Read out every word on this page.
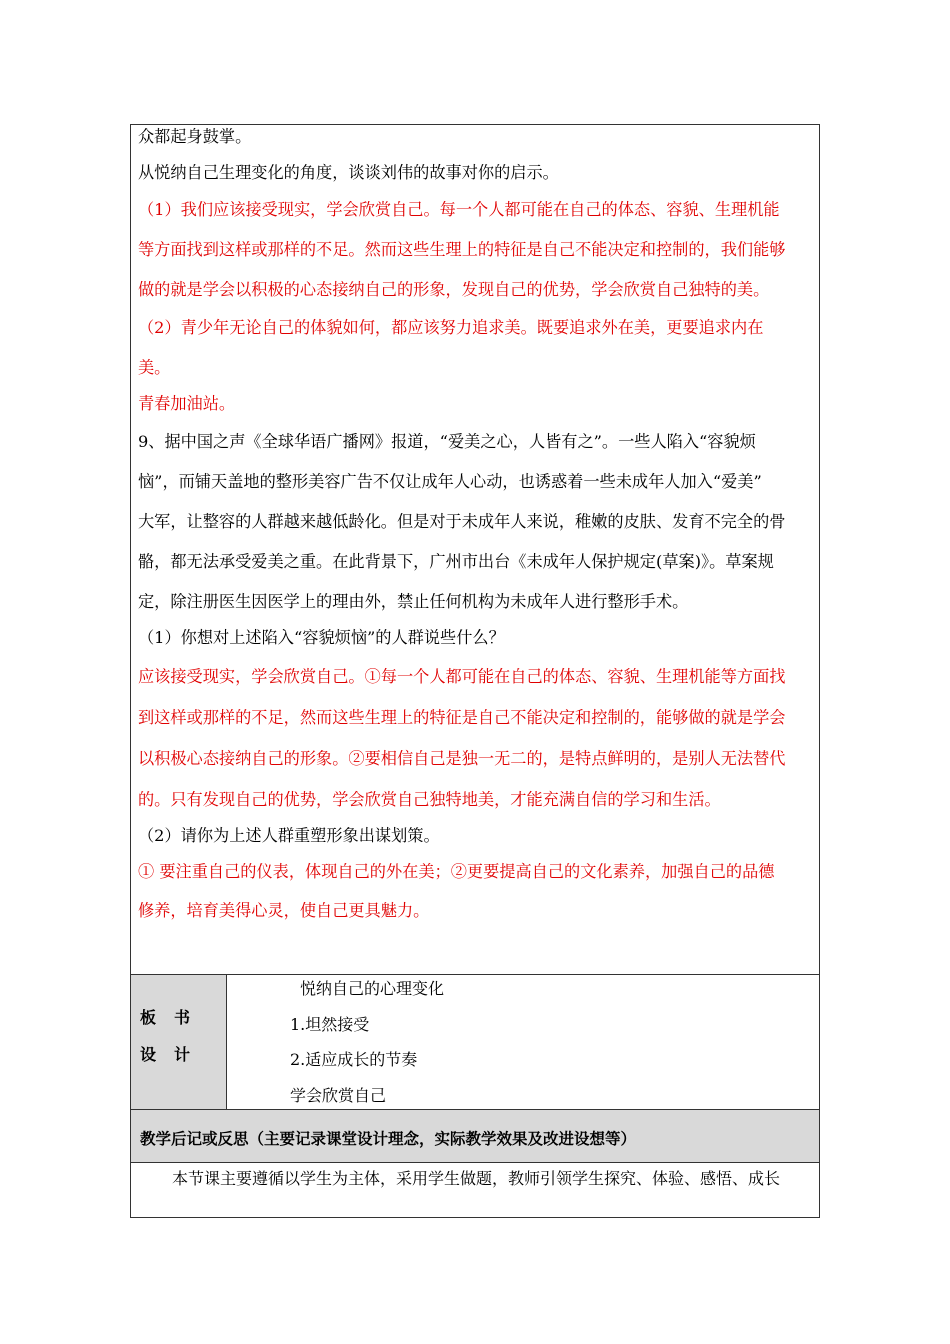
众都起身鼓掌。
从悦纳自己生理变化的角度，谈谈刘伟的故事对你的启示。
（1）我们应该接受现实，学会欣赏自己。每一个人都可能在自己的体态、容貌、生理机能
等方面找到这样或那样的不足。然而这些生理上的特征是自己不能决定和控制的，我们能够
做的就是学会以积极的心态接纳自己的形象，发现自己的优势，学会欣赏自己独特的美。
（2）青少年无论自己的体貌如何，都应该努力追求美。既要追求外在美，更要追求内在
美。
青春加油站。
9、据中国之声《全球华语广播网》报道，“爱美之心，人皆有之”。一些人陷入“容貌烦
恼”，而铺天盖地的整形美容广告不仅让成年人心动，也诱惑着一些未成年人加入“爱美”
大军，让整容的人群越来越低龄化。但是对于未成年人来说，稚嫩的皮肤、发育不完全的骨
骼，都无法承受爱美之重。在此背景下，广州市出台《未成年人保护规定(草案)》。草案规
定，除注册医生因医学上的理由外，禁止任何机构为未成年人进行整形手术。
（1）你想对上述陷入“容貌烦恼”的人群说些什么？
应该接受现实，学会欣赏自己。①每一个人都可能在自己的体态、容貌、生理机能等方面找
到这样或那样的不足，然而这些生理上的特征是自己不能决定和控制的，能够做的就是学会
以积极心态接纳自己的形象。②要相信自己是独一无二的，是特点鲜明的，是别人无法替代
的。只有发现自己的优势，学会欣赏自己独特地美，才能充满自信的学习和生活。
（2）请你为上述人群重塑形象出谋划策。
① 要注重自己的仪表，体现自己的外在美；②更要提高自己的文化素养，加强自己的品德
修养，培育美得心灵，使自己更具魅力。
板书
设计
悦纳自己的心理变化
1.坦然接受
2.适应成长的节奏
学会欣赏自己
教学后记或反思（主要记录课堂设计理念，实际教学效果及改进设想等）
本节课主要遵循以学生为主体，采用学生做题，教师引领学生探究、体验、感悟、成长
